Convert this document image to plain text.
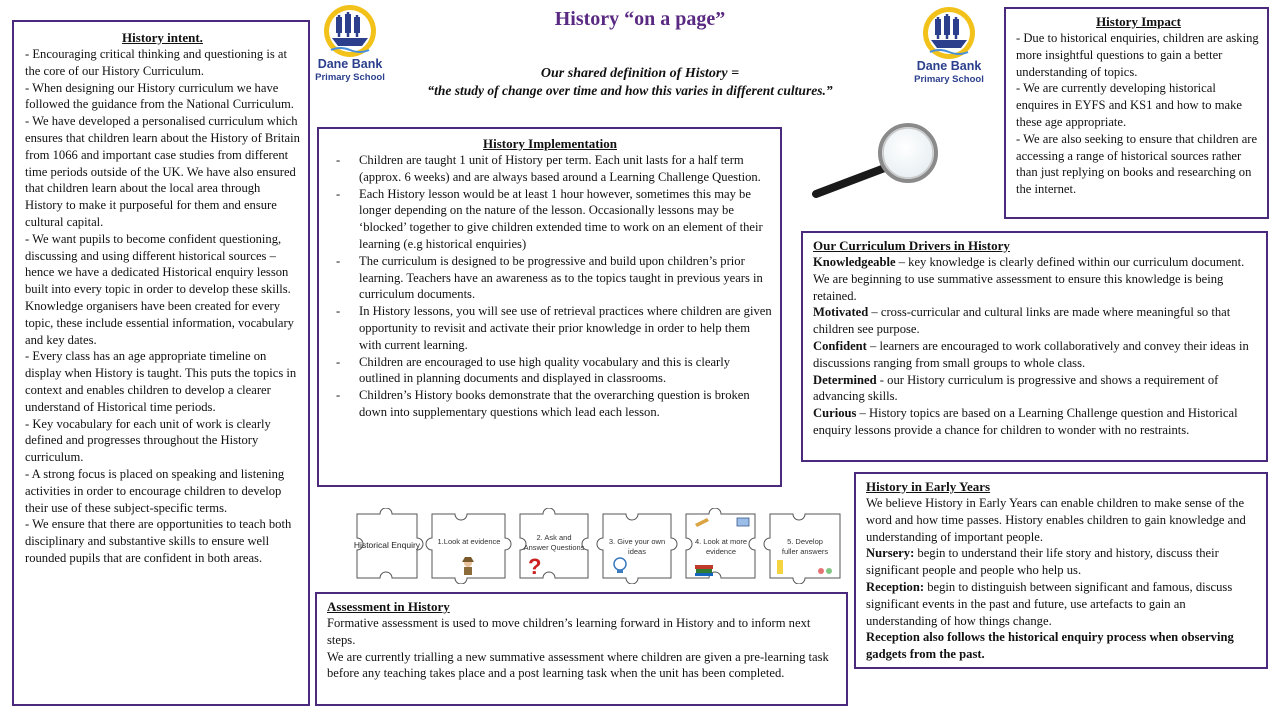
History “on a page”
Our shared definition of History =
“the study of change over time and how this varies in different cultures.”
Dane Bank
Primary School
Dane Bank
Primary School
History intent.

- Encouraging critical thinking and questioning is at the core of our History Curriculum.

- When designing our History curriculum we have followed the guidance from the National Curriculum.

- We have developed a personalised curriculum which ensures that children learn about the History of Britain from 1066 and important case studies from different time periods outside of the UK. We have also ensured that children learn about the local area through History to make it purposeful for them and ensure cultural capital.

- We want pupils to become confident questioning, discussing and using different historical sources – hence we have a dedicated Historical enquiry lesson built into every topic in order to develop these skills.

Knowledge organisers have been created for every topic, these include essential information, vocabulary and key dates.

- Every class has an age appropriate timeline on display when History is taught. This puts the topics in context and enables children to develop a clearer understand of Historical time periods.

- Key vocabulary for each unit of work is clearly defined and progresses throughout the History curriculum.

- A strong focus is placed on speaking and listening activities in order to encourage children to develop their use of these subject-specific terms.

- We ensure that there are opportunities to teach both disciplinary and substantive skills to ensure well rounded pupils that are confident in both areas.

History Impact

- Due to historical enquiries, children are asking more insightful questions to gain a better understanding of topics.

- We are currently developing historical enquires in EYFS and KS1 and how to make these age appropriate.

- We are also seeking to ensure that children are accessing a range of historical sources rather than just replying on books and researching on the internet.

History Implementation
- Children are taught 1 unit of History per term. Each unit lasts for a half term (approx. 6 weeks) and are always based around a Learning Challenge Question.
- Each History lesson would be at least 1 hour however, sometimes this may be longer depending on the nature of the lesson. Occasionally lessons may be ‘blocked’ together to give children extended time to work on an element of their learning (e.g historical enquiries)
- The curriculum is designed to be progressive and build upon children’s prior learning. Teachers have an awareness as to the topics taught in previous years in curriculum documents.
- In History lessons, you will see use of retrieval practices where children are given opportunity to revisit and activate their prior knowledge in order to help them with current learning.
- Children are encouraged to use high quality vocabulary and this is clearly outlined in planning documents and displayed in classrooms.
- Children’s History books demonstrate that the overarching question is broken down into supplementary questions which lead each lesson.
Our Curriculum Drivers in History

Knowledgeable – key knowledge is clearly defined within our curriculum document. We are beginning to use summative assessment to ensure this knowledge is being retained.

Motivated – cross-curricular and cultural links are made where meaningful so that children see purpose.

Confident – learners are encouraged to work collaboratively and convey their ideas in discussions ranging from small groups to whole class.

Determined - our History curriculum is progressive and shows a requirement of advancing skills.

Curious – History topics are based on a Learning Challenge question and Historical enquiry lessons provide a chance for children to wonder with no restraints.

History in Early Years

We believe History in Early Years can enable children to make sense of the word and how time passes. History enables children to gain knowledge and understanding of important people.

Nursery: begin to understand their life story and history, discuss their significant people and people who help us.

Reception: begin to distinguish between significant and famous, discuss significant events in the past and future, use artefacts to gain an understanding of how things change.

Reception also follows the historical enquiry process when observing gadgets from the past.

Assessment in History

Formative assessment is used to move children’s learning forward in History and to inform next steps.

We are currently trialling a new summative assessment where children are given a pre-learning task before any teaching takes place and a post learning task when the unit has been completed.

?
Historical Enquiry 1.Look at evidence	2. Ask and
Answer Questions
3. Give your own
ideas
4. Look at more
evidence
5. Develop
fuller answers
